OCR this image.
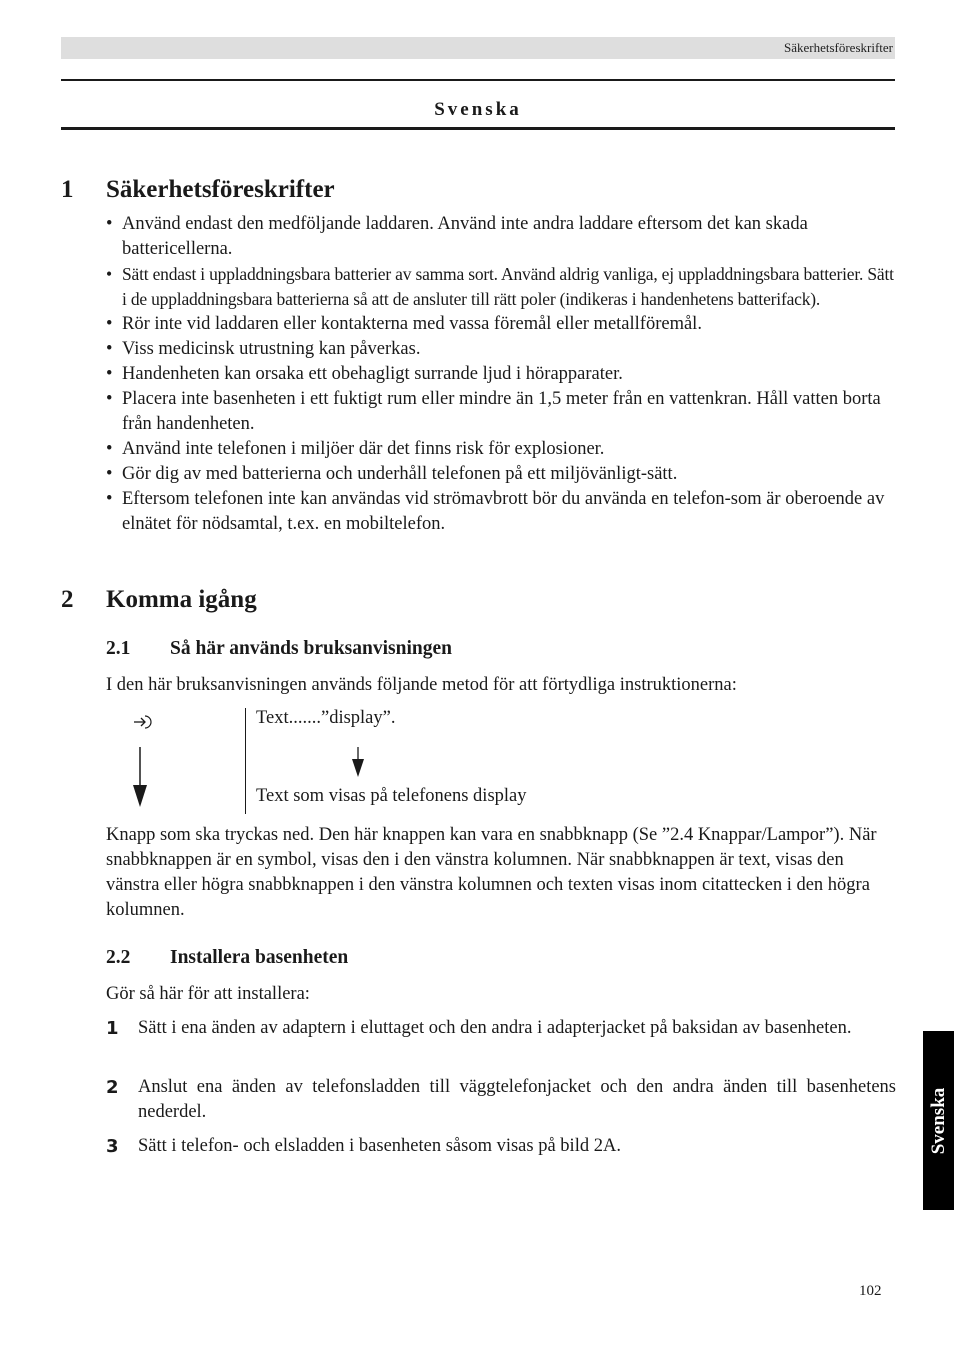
Säkerhetsföreskrifter
Svenska
1 Säkerhetsföreskrifter
• Använd endast den medföljande laddaren. Använd inte andra laddare eftersom det kan skada battericellerna.
• Sätt endast i uppladdningsbara batterier av samma sort. Använd aldrig vanliga, ej uppladdningsbara batterier. Sätt i de uppladdningsbara batterierna så att de ansluter till rätt poler (indikeras i handenhetens batterifack).
• Rör inte vid laddaren eller kontakterna med vassa föremål eller metallföremål.
• Viss medicinsk utrustning kan påverkas.
• Handenheten kan orsaka ett obehagligt surrande ljud i hörapparater.
• Placera inte basenheten i ett fuktigt rum eller mindre än 1,5 meter från en vattenkran. Håll vatten borta från handenheten.
• Använd inte telefonen i miljöer där det finns risk för explosioner.
• Gör dig av med batterierna och underhåll telefonen på ett miljövänligt-sätt.
• Eftersom telefonen inte kan användas vid strömavbrott bör du använda en telefon-som är oberoende av elnätet för nödsamtal, t.ex. en mobiltelefon.
2 Komma igång
2.1 Så här används bruksanvisningen

I den här bruksanvisningen används följande metod för att förtydliga instruktionerna:

Text.......”display”.
Text som visas på telefonens display

Knapp som ska tryckas ned. Den här knappen kan vara en snabbknapp (Se ”2.4 Knappar/Lampor”). När snabbknappen är en symbol, visas den i den vänstra kolumnen. När snabbknappen är text, visas den vänstra eller högra snabbknappen i den vänstra kolumnen och texten visas inom citattecken i den högra kolumnen.

2.2 Installera basenheten

Gör så här för att installera:

1 Sätt i ena änden av adaptern i eluttaget och den andra i adapterjacket på baksidan av basenheten.
2 Anslut ena änden av telefonsladden till väggtelefonjacket och den andra änden till basenhetens nederdel.
3 Sätt i telefon- och elsladden i basenheten såsom visas på bild 2A.	Svenska
102
